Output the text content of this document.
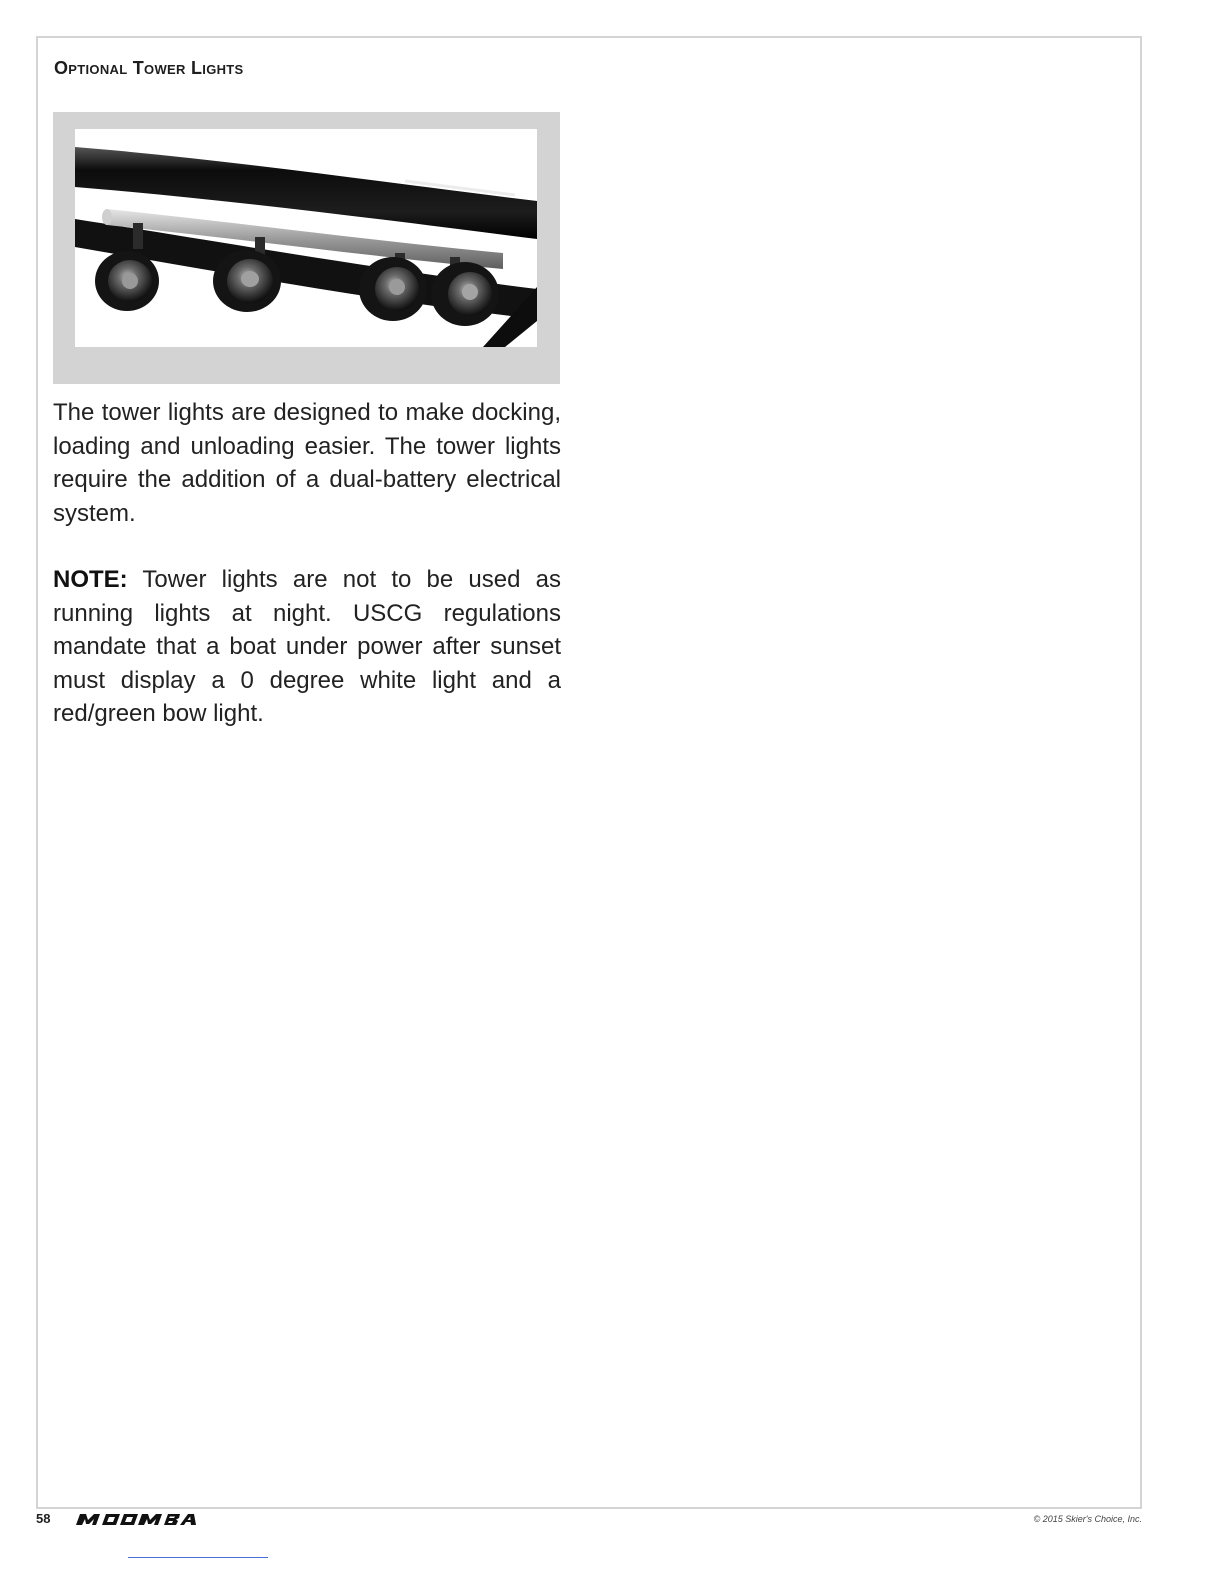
Optional Tower Lights

The tower lights are designed to make docking, loading and unloading easier. The tower lights require the addition of a dual-battery electrical system.

NOTE: Tower lights are not to be used as running lights at night. USCG regulations mandate that a boat under power after sunset must display a 0 degree white light and a red/green bow light.

58	© 2015 Skier's Choice, Inc.
